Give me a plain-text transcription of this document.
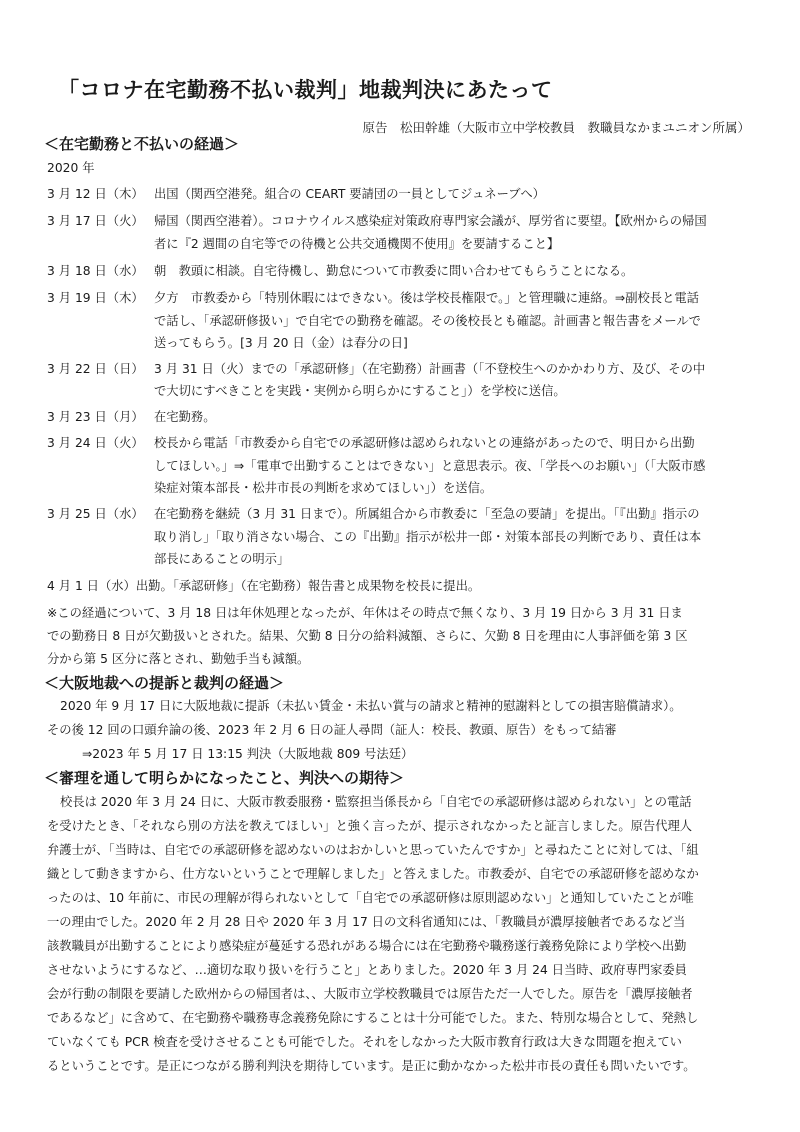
「コロナ在宅勤務不払い裁判」地裁判決にあたって
原告　松田幹雄（大阪市立中学校教員　教職員なかまユニオン所属）
＜在宅勤務と不払いの経過＞
2020 年
3 月 12 日（木） 出国（関西空港発。組合の CEART 要請団の一員としてジュネーブへ）
3 月 17 日（火） 帰国（関西空港着）。コロナウイルス感染症対策政府専門家会議が、厚労省に要望。【欧州からの帰国
者に『2 週間の自宅等での待機と公共交通機関不使用』を要請すること】
3 月 18 日（水） 朝　教頭に相談。自宅待機し、勤怠について市教委に問い合わせてもらうことになる。
3 月 19 日（木） 夕方　市教委から「特別休暇にはできない。後は学校長権限で。」と管理職に連絡。⇒副校長と電話
で話し、「承認研修扱い」で自宅での勤務を確認。その後校長とも確認。計画書と報告書をメールで
送ってもらう。[3 月 20 日（金）は春分の日]
3 月 22 日（日） 3 月 31 日（火）までの「承認研修」（在宅勤務）計画書（「不登校生へのかかわり方、及び、その中
で大切にすべきことを実践・実例から明らかにすること」）を学校に送信。
3 月 23 日（月） 在宅勤務。
3 月 24 日（火） 校長から電話「市教委から自宅での承認研修は認められないとの連絡があったので、明日から出勤
してほしい。」⇒「電車で出勤することはできない」と意思表示。夜、「学長へのお願い」（「大阪市感
染症対策本部長・松井市長の判断を求めてほしい」）を送信。
3 月 25 日（水） 在宅勤務を継続（3 月 31 日まで）。所属組合から市教委に「至急の要請」を提出。「『出勤』指示の
取り消し」「取り消さない場合、この『出勤』指示が松井一郎・対策本部長の判断であり、責任は本
部長にあることの明示」
4 月 1 日（水）出勤。「承認研修」（在宅勤務）報告書と成果物を校長に提出。
※この経過について、3 月 18 日は年休処理となったが、年休はその時点で無くなり、3 月 19 日から 3 月 31 日ま
での勤務日 8 日が欠勤扱いとされた。結果、欠勤 8 日分の給料減額、さらに、欠勤 8 日を理由に人事評価を第 3 区
分から第 5 区分に落とされ、勤勉手当も減額。
＜大阪地裁への提訴と裁判の経過＞
2020 年 9 月 17 日に大阪地裁に提訴（未払い賃金・未払い賞与の請求と精神的慰謝料としての損害賠償請求）。
その後 12 回の口頭弁論の後、2023 年 2 月 6 日の証人尋問（証人：校長、教頭、原告）をもって結審
⇒2023 年 5 月 17 日 13:15 判決（大阪地裁 809 号法廷）
＜審理を通して明らかになったこと、判決への期待＞
校長は 2020 年 3 月 24 日に、大阪市教委服務・監察担当係長から「自宅での承認研修は認められない」との電話
を受けたとき、「それなら別の方法を教えてほしい」と強く言ったが、提示されなかったと証言しました。原告代理人
弁護士が、「当時は、自宅での承認研修を認めないのはおかしいと思っていたんですか」と尋ねたことに対しては、「組
織として動きますから、仕方ないということで理解しました」と答えました。市教委が、自宅での承認研修を認めなか
ったのは、10 年前に、市民の理解が得られないとして「自宅での承認研修は原則認めない」と通知していたことが唯
一の理由でした。2020 年 2 月 28 日や 2020 年 3 月 17 日の文科省通知には、「教職員が濃厚接触者であるなど当
該教職員が出勤することにより感染症が蔓延する恐れがある場合には在宅勤務や職務遂行義務免除により学校へ出勤
させないようにするなど、…適切な取り扱いを行うこと」とありました。2020 年 3 月 24 日当時、政府専門家委員
会が行動の制限を要請した欧州からの帰国者は、、大阪市立学校教職員では原告ただ一人でした。原告を「濃厚接触者
であるなど」に含めて、在宅勤務や職務専念義務免除にすることは十分可能でした。また、特別な場合として、発熱し
ていなくても PCR 検査を受けさせることも可能でした。それをしなかった大阪市教育行政は大きな問題を抱えてい
るということです。是正につながる勝利判決を期待しています。是正に動かなかった松井市長の責任も問いたいです。
